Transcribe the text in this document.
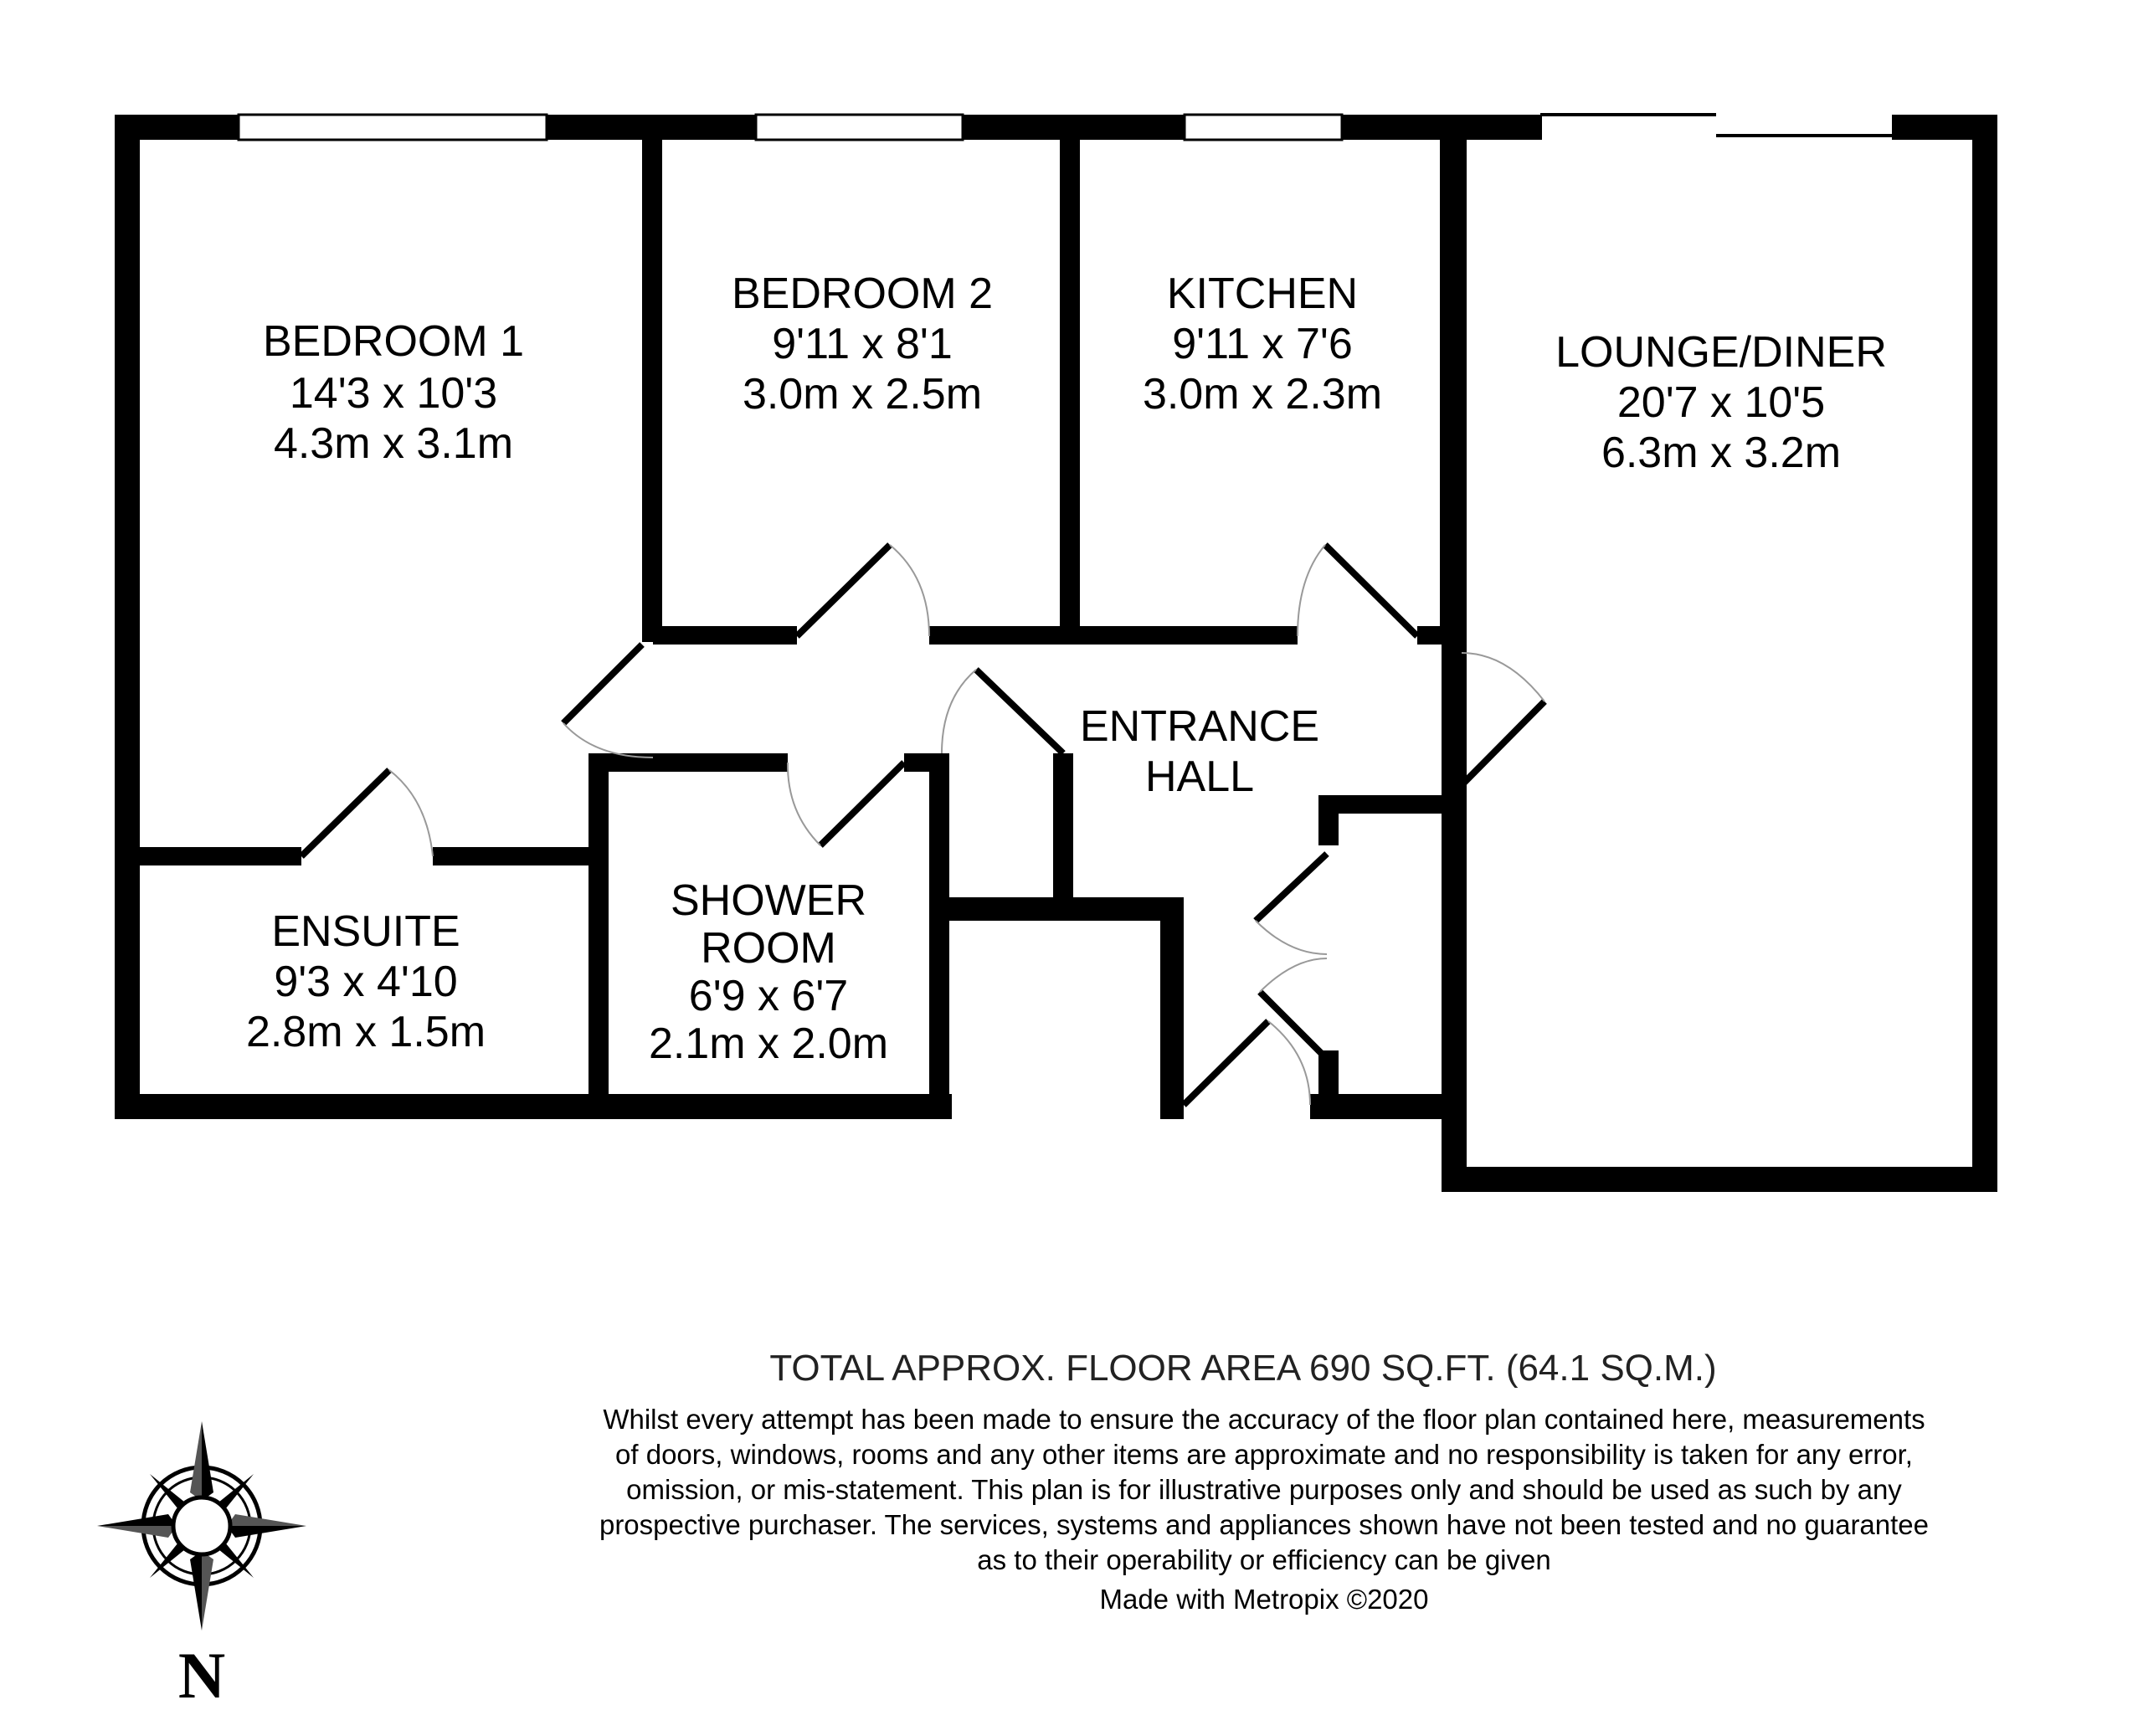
BEDROOM 1
14'3 x 10'3
4.3m x 3.1m
BEDROOM 2
9'11 x 8'1
3.0m x 2.5m
KITCHEN
9'11 x 7'6
3.0m x 2.3m
LOUNGE/DINER
20'7 x 10'5
6.3m x 3.2m
ENTRANCE
HALL
ENSUITE
9'3 x 4'10
2.8m x 1.5m
SHOWER
ROOM
6'9 x 6'7
2.1m x 2.0m
N
TOTAL APPROX. FLOOR AREA 690 SQ.FT. (64.1 SQ.M.)
Whilst every attempt has been made to ensure the accuracy of the floor plan contained here, measurements
of doors, windows, rooms and any other items are approximate and no responsibility is taken for any error,
omission, or mis-statement. This plan is for illustrative purposes only and should be used as such by any
prospective purchaser. The services, systems and appliances shown have not been tested and no guarantee
as to their operability or efficiency can be given
Made with Metropix ©2020
